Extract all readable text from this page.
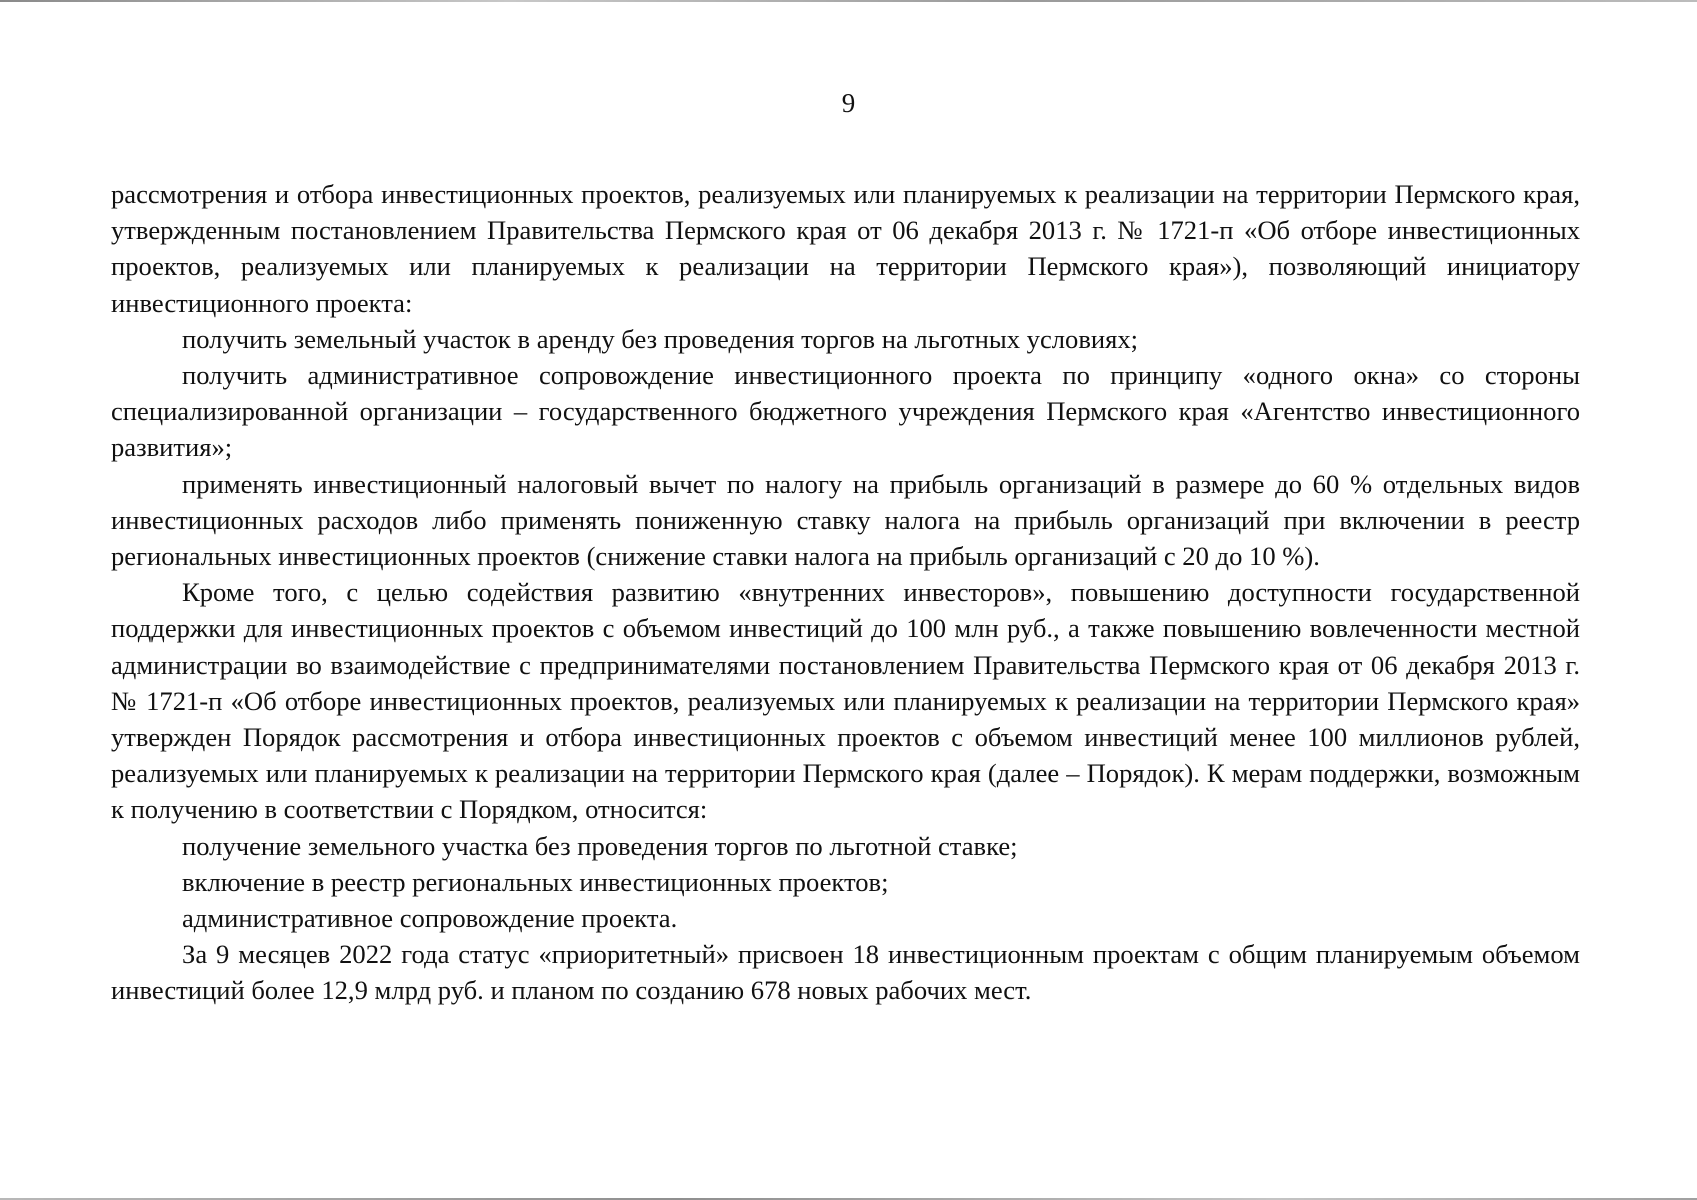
9

рассмотрения и отбора инвестиционных проектов, реализуемых или планируемых к реализации на территории Пермского края, утвержденным постановлением Правительства Пермского края от 06 декабря 2013 г. № 1721-п «Об отборе инвестиционных проектов, реализуемых или планируемых к реализации на территории Пермского края»), позволяющий инициатору инвестиционного проекта:

получить земельный участок в аренду без проведения торгов на льготных условиях;

получить административное сопровождение инвестиционного проекта по принципу «одного окна» со стороны специализированной организации – государственного бюджетного учреждения Пермского края «Агентство инвестиционного развития»;

применять инвестиционный налоговый вычет по налогу на прибыль организаций в размере до 60 % отдельных видов инвестиционных расходов либо применять пониженную ставку налога на прибыль организаций при включении в реестр региональных инвестиционных проектов (снижение ставки налога на прибыль организаций с 20 до 10 %).

Кроме того, с целью содействия развитию «внутренних инвесторов», повышению доступности государственной поддержки для инвестиционных проектов с объемом инвестиций до 100 млн руб., а также повышению вовлеченности местной администрации во взаимодействие с предпринимателями постановлением Правительства Пермского края от 06 декабря 2013 г. № 1721-п «Об отборе инвестиционных проектов, реализуемых или планируемых к реализации на территории Пермского края» утвержден Порядок рассмотрения и отбора инвестиционных проектов с объемом инвестиций менее 100 миллионов рублей, реализуемых или планируемых к реализации на территории Пермского края (далее – Порядок). К мерам поддержки, возможным к получению в соответствии с Порядком, относится:

получение земельного участка без проведения торгов по льготной ставке;

включение в реестр региональных инвестиционных проектов;

административное сопровождение проекта.

За 9 месяцев 2022 года статус «приоритетный» присвоен 18 инвестиционным проектам с общим планируемым объемом инвестиций более 12,9 млрд руб. и планом по созданию 678 новых рабочих мест.
